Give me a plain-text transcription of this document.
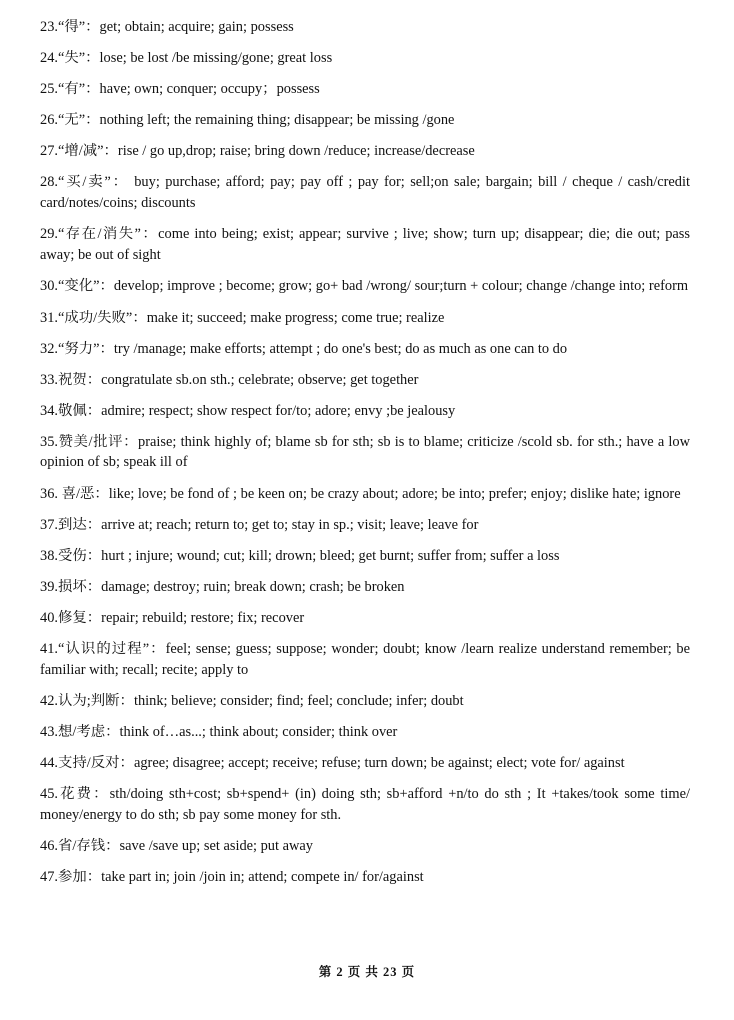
23.“得”：get; obtain; acquire; gain; possess

24.“失”：lose; be lost /be missing/gone; great loss

25.“有”：have; own; conquer; occupy；possess

26.“无”：nothing left; the remaining thing; disappear; be missing /gone

27.“增/减”：rise / go up,drop; raise; bring down /reduce; increase/decrease

28.“买/卖”： buy; purchase; afford; pay; pay off ; pay for; sell;on sale; bargain; bill / cheque / cash/credit card/notes/coins; discounts

29.“存在/消失”：come into being; exist; appear; survive ; live; show; turn up; disappear; die; die out; pass away; be out of sight

30.“变化”：develop; improve ; become; grow; go+ bad /wrong/ sour;turn + colour; change /change into; reform

31.“成功/失败”：make it; succeed; make progress; come true; realize

32.“努力”：try /manage; make efforts; attempt ; do one's best; do as much as one can to do

33.祝贺：congratulate sb.on sth.; celebrate; observe; get together

34.敬佩：admire; respect; show respect for/to; adore; envy ;be jealousy

35.赞美/批评：praise; think highly of; blame sb for sth; sb is to blame; criticize /scold sb. for sth.; have a low opinion of sb; speak ill of

36. 喜/恶：like; love; be fond of ; be keen on; be crazy about; adore; be into; prefer; enjoy; dislike hate; ignore

37.到达：arrive at; reach; return to; get to; stay in sp.; visit; leave; leave for

38.受伤：hurt ; injure; wound; cut; kill; drown; bleed; get burnt; suffer from; suffer a loss

39.损坏：damage; destroy; ruin; break down; crash; be broken

40.修复：repair; rebuild; restore; fix; recover

41.“认识的过程”：feel; sense; guess; suppose; wonder; doubt; know /learn realize understand remember; be familiar with; recall; recite; apply to

42.认为;判断：think; believe; consider; find; feel; conclude; infer; doubt

43.想/考虑：think of…as...; think about; consider; think over

44.支持/反对：agree; disagree; accept; receive; refuse; turn down; be against; elect; vote for/ against

45.花费：sth/doing sth+cost; sb+spend+ (in) doing sth; sb+afford +n/to do sth ; It +takes/took some time/ money/energy to do sth; sb pay some money for sth.

46.省/存钱：save /save up; set aside; put away

47.参加：take part in; join /join in; attend; compete in/ for/against

第 2 页 共 23 页
